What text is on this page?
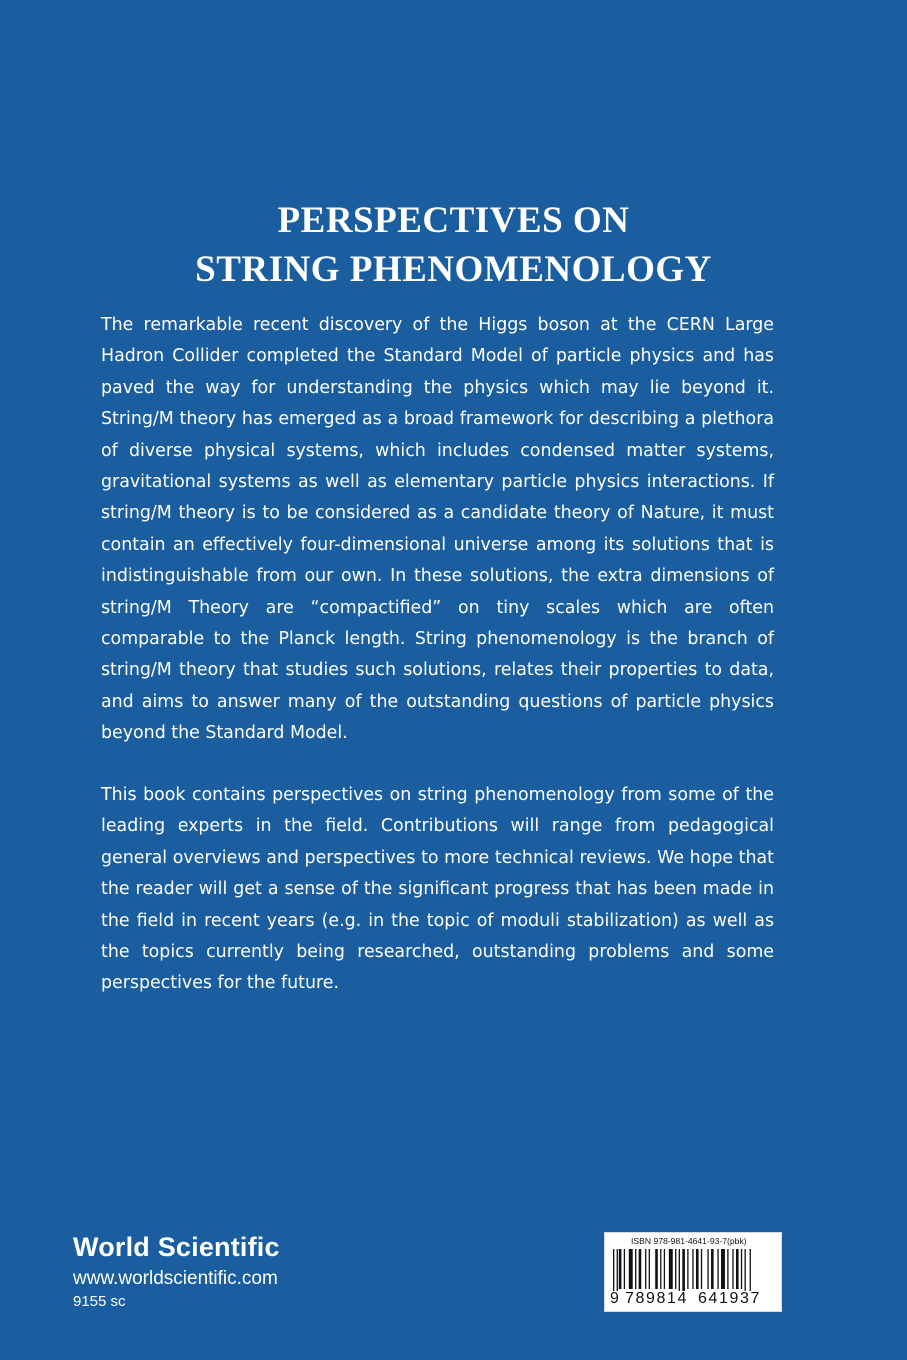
PERSPECTIVES ON
STRING PHENOMENOLOGY

The remarkable recent discovery of the Higgs boson at the CERN Large Hadron Collider completed the Standard Model of particle physics and has paved the way for understanding the physics which may lie beyond it. String/M theory has emerged as a broad framework for describing a plethora of diverse physical systems, which includes condensed matter systems, gravitational systems as well as elementary particle physics interactions. If string/M theory is to be considered as a candidate theory of Nature, it must contain an effectively four-dimensional universe among its solutions that is indistinguishable from our own. In these solutions, the extra dimensions of string/M Theory are “compactified” on tiny scales which are often comparable to the Planck length. String phenomenology is the branch of string/M theory that studies such solutions, relates their properties to data, and aims to answer many of the outstanding questions of particle physics beyond the Standard Model.

This book contains perspectives on string phenomenology from some of the leading experts in the field. Contributions will range from pedagogical general overviews and perspectives to more technical reviews. We hope that the reader will get a sense of the significant progress that has been made in the field in recent years (e.g. in the topic of moduli stabilization) as well as the topics currently being researched, outstanding problems and some perspectives for the future.

World Scientific
www.worldscientific.com
9155 sc
ISBN 978-981-4641-93-7(pbk)
9 789814 641937
